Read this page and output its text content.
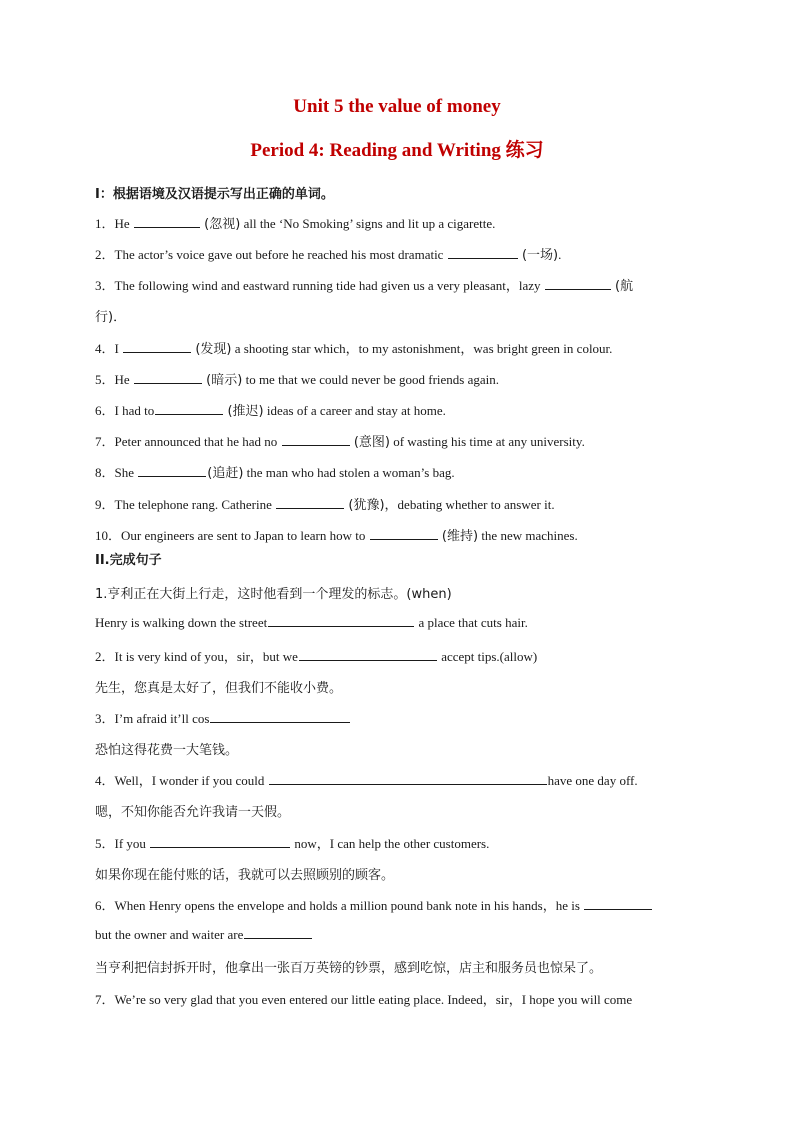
Unit 5 the value of money
Period 4: Reading and Writing 练习
I：根据语境及汉语提示写出正确的单词。
1．He	(忽视) all the ‘No Smoking’ signs and lit up a cigarette.
2．The actor’s voice gave out before he reached his most dramatic	(一场).
3．The following wind and eastward running tide had given us a very pleasant，lazy	(航
行)．
4．I	(发现) a shooting star which，to my astonishment，was bright green in colour.
5．He	(暗示) to me that we could never be good friends again.
6．I had to	(推迟) ideas of a career and stay at home.
7．Peter announced that he had no	(意图) of wasting his time at any university.
8．She	(追赶) the man who had stolen a woman’s bag.
9．The telephone rang. Catherine	(犹豫)，debating whether to answer it.
10．Our engineers are sent to Japan to learn how to	(维持) the new machines.
II.完成句子
1.亨利正在大街上行走，这时他看到一个理发的标志。(when)
Henry is walking down the street	a place that cuts hair.
2．It is very kind of you，sir，but we	accept tips.(allow)
先生，您真是太好了，但我们不能收小费。
3．I’m afraid it’ll cos
恐怕这得花费一大笔钱。
4．Well，I wonder if you could	have one day off.
嗯，不知你能否允许我请一天假。
5．If you	now，I can help the other customers.
如果你现在能付账的话，我就可以去照顾别的顾客。
6．When Henry opens the envelope and holds a million pound bank note in his hands，he is
but the owner and waiter are
当亨利把信封拆开时，他拿出一张百万英镑的钞票，感到吃惊，店主和服务员也惊呆了。
7．We’re so very glad that you even entered our little eating place. Indeed，sir，I hope you will come
